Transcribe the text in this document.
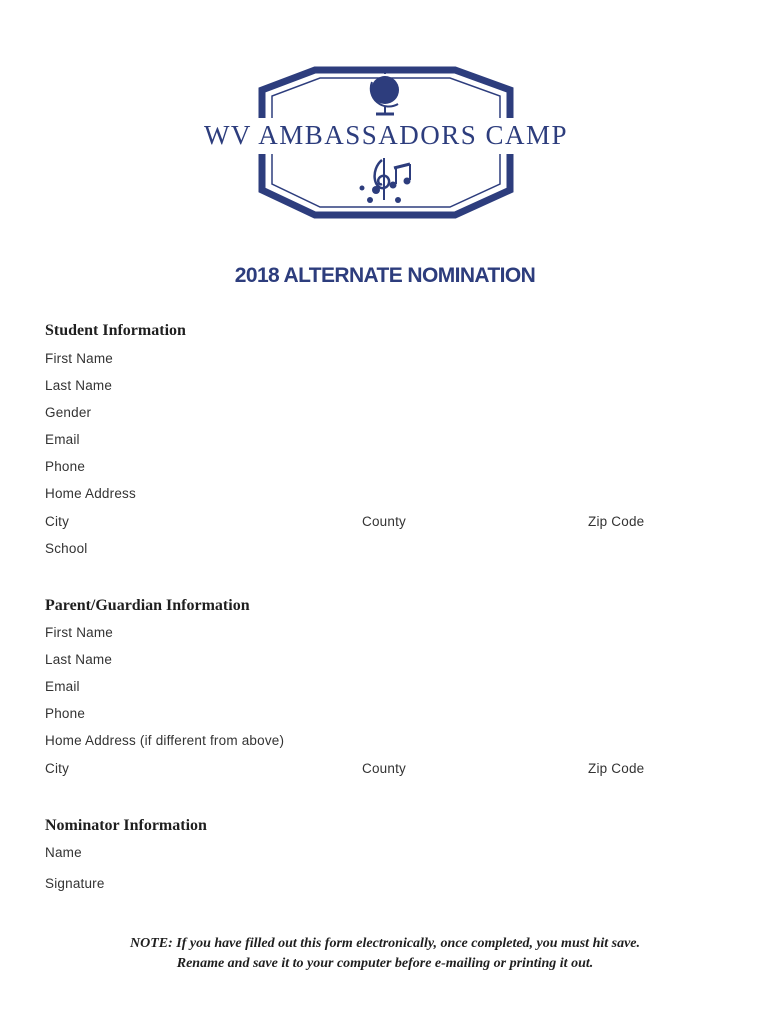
WV AMBASSADORS CAMP
2018 ALTERNATE NOMINATION
Student Information
First Name
Last Name
Gender
Email
Phone
Home Address
City	County	Zip Code
School
Parent/Guardian Information
First Name
Last Name
Email
Phone
Home Address (if different from above)
City	County	Zip Code
Nominator Information
Name
Signature
NOTE: If you have filled out this form electronically, once completed, you must hit save.
Rename and save it to your computer before e-mailing or printing it out.
